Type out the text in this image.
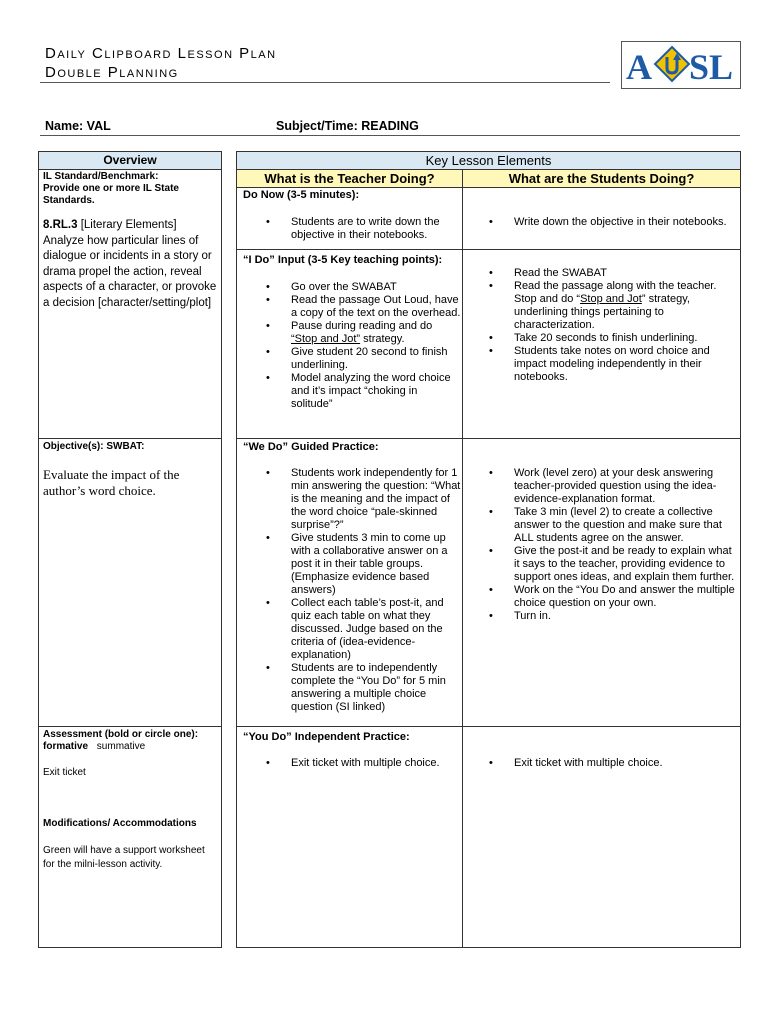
Daily Clipboard Lesson Plan
Double Planning	A SL
Name: VAL	Subject/Time: READING
Overview
IL Standard/Benchmark:
Provide one or more IL State Standards.
8.RL.3 [Literary Elements]
Analyze how particular lines of dialogue or incidents in a story or drama propel the action, reveal aspects of a character, or provoke a decision [character/setting/plot]
Objective(s): SWBAT:
Evaluate the impact of the author’s word choice.
Assessment (bold or circle one):
formative summative
Exit ticket
Modifications/ Accommodations
Green will have a support worksheet for the milni-lesson activity.
Key Lesson Elements
What is the Teacher Doing?	What are the Students Doing?
Do Now (3-5 minutes):
• Students are to write down the objective in their notebooks.
• Write down the objective in their notebooks.
“I Do” Input (3-5 Key teaching points):
• Go over the SWABAT
• Read the passage Out Loud, have a copy of the text on the overhead.
• Pause during reading and do “Stop and Jot” strategy.
• Give student 20 second to finish underlining.
• Model analyzing the word choice and it’s impact “choking in solitude”
• Read the SWABAT
• Read the passage along with the teacher. Stop and do “Stop and Jot” strategy, underlining things pertaining to characterization.
• Take 20 seconds to finish underlining.
• Students take notes on word choice and impact modeling independently in their notebooks.
“We Do” Guided Practice:
• Students work independently for 1 min answering the question: “What is the meaning and the impact of the word choice “pale-skinned surprise”?”
• Give students 3 min to come up with a collaborative answer on a post it in their table groups. (Emphasize evidence based answers)
• Collect each table’s post-it, and quiz each table on what they discussed. Judge based on the criteria of (idea-evidence-explanation)
• Students are to independently complete the “You Do” for 5 min answering a multiple choice question (SI linked)
• Work (level zero) at your desk answering teacher-provided question using the idea-evidence-explanation format.
• Take 3 min (level 2) to create a collective answer to the question and make sure that ALL students agree on the answer.
• Give the post-it and be ready to explain what it says to the teacher, providing evidence to support ones ideas, and explain them further.
• Work on the “You Do and answer the multiple choice question on your own.
• Turn in.
“You Do” Independent Practice:
• Exit ticket with multiple choice.
•	Exit ticket with multiple choice.
